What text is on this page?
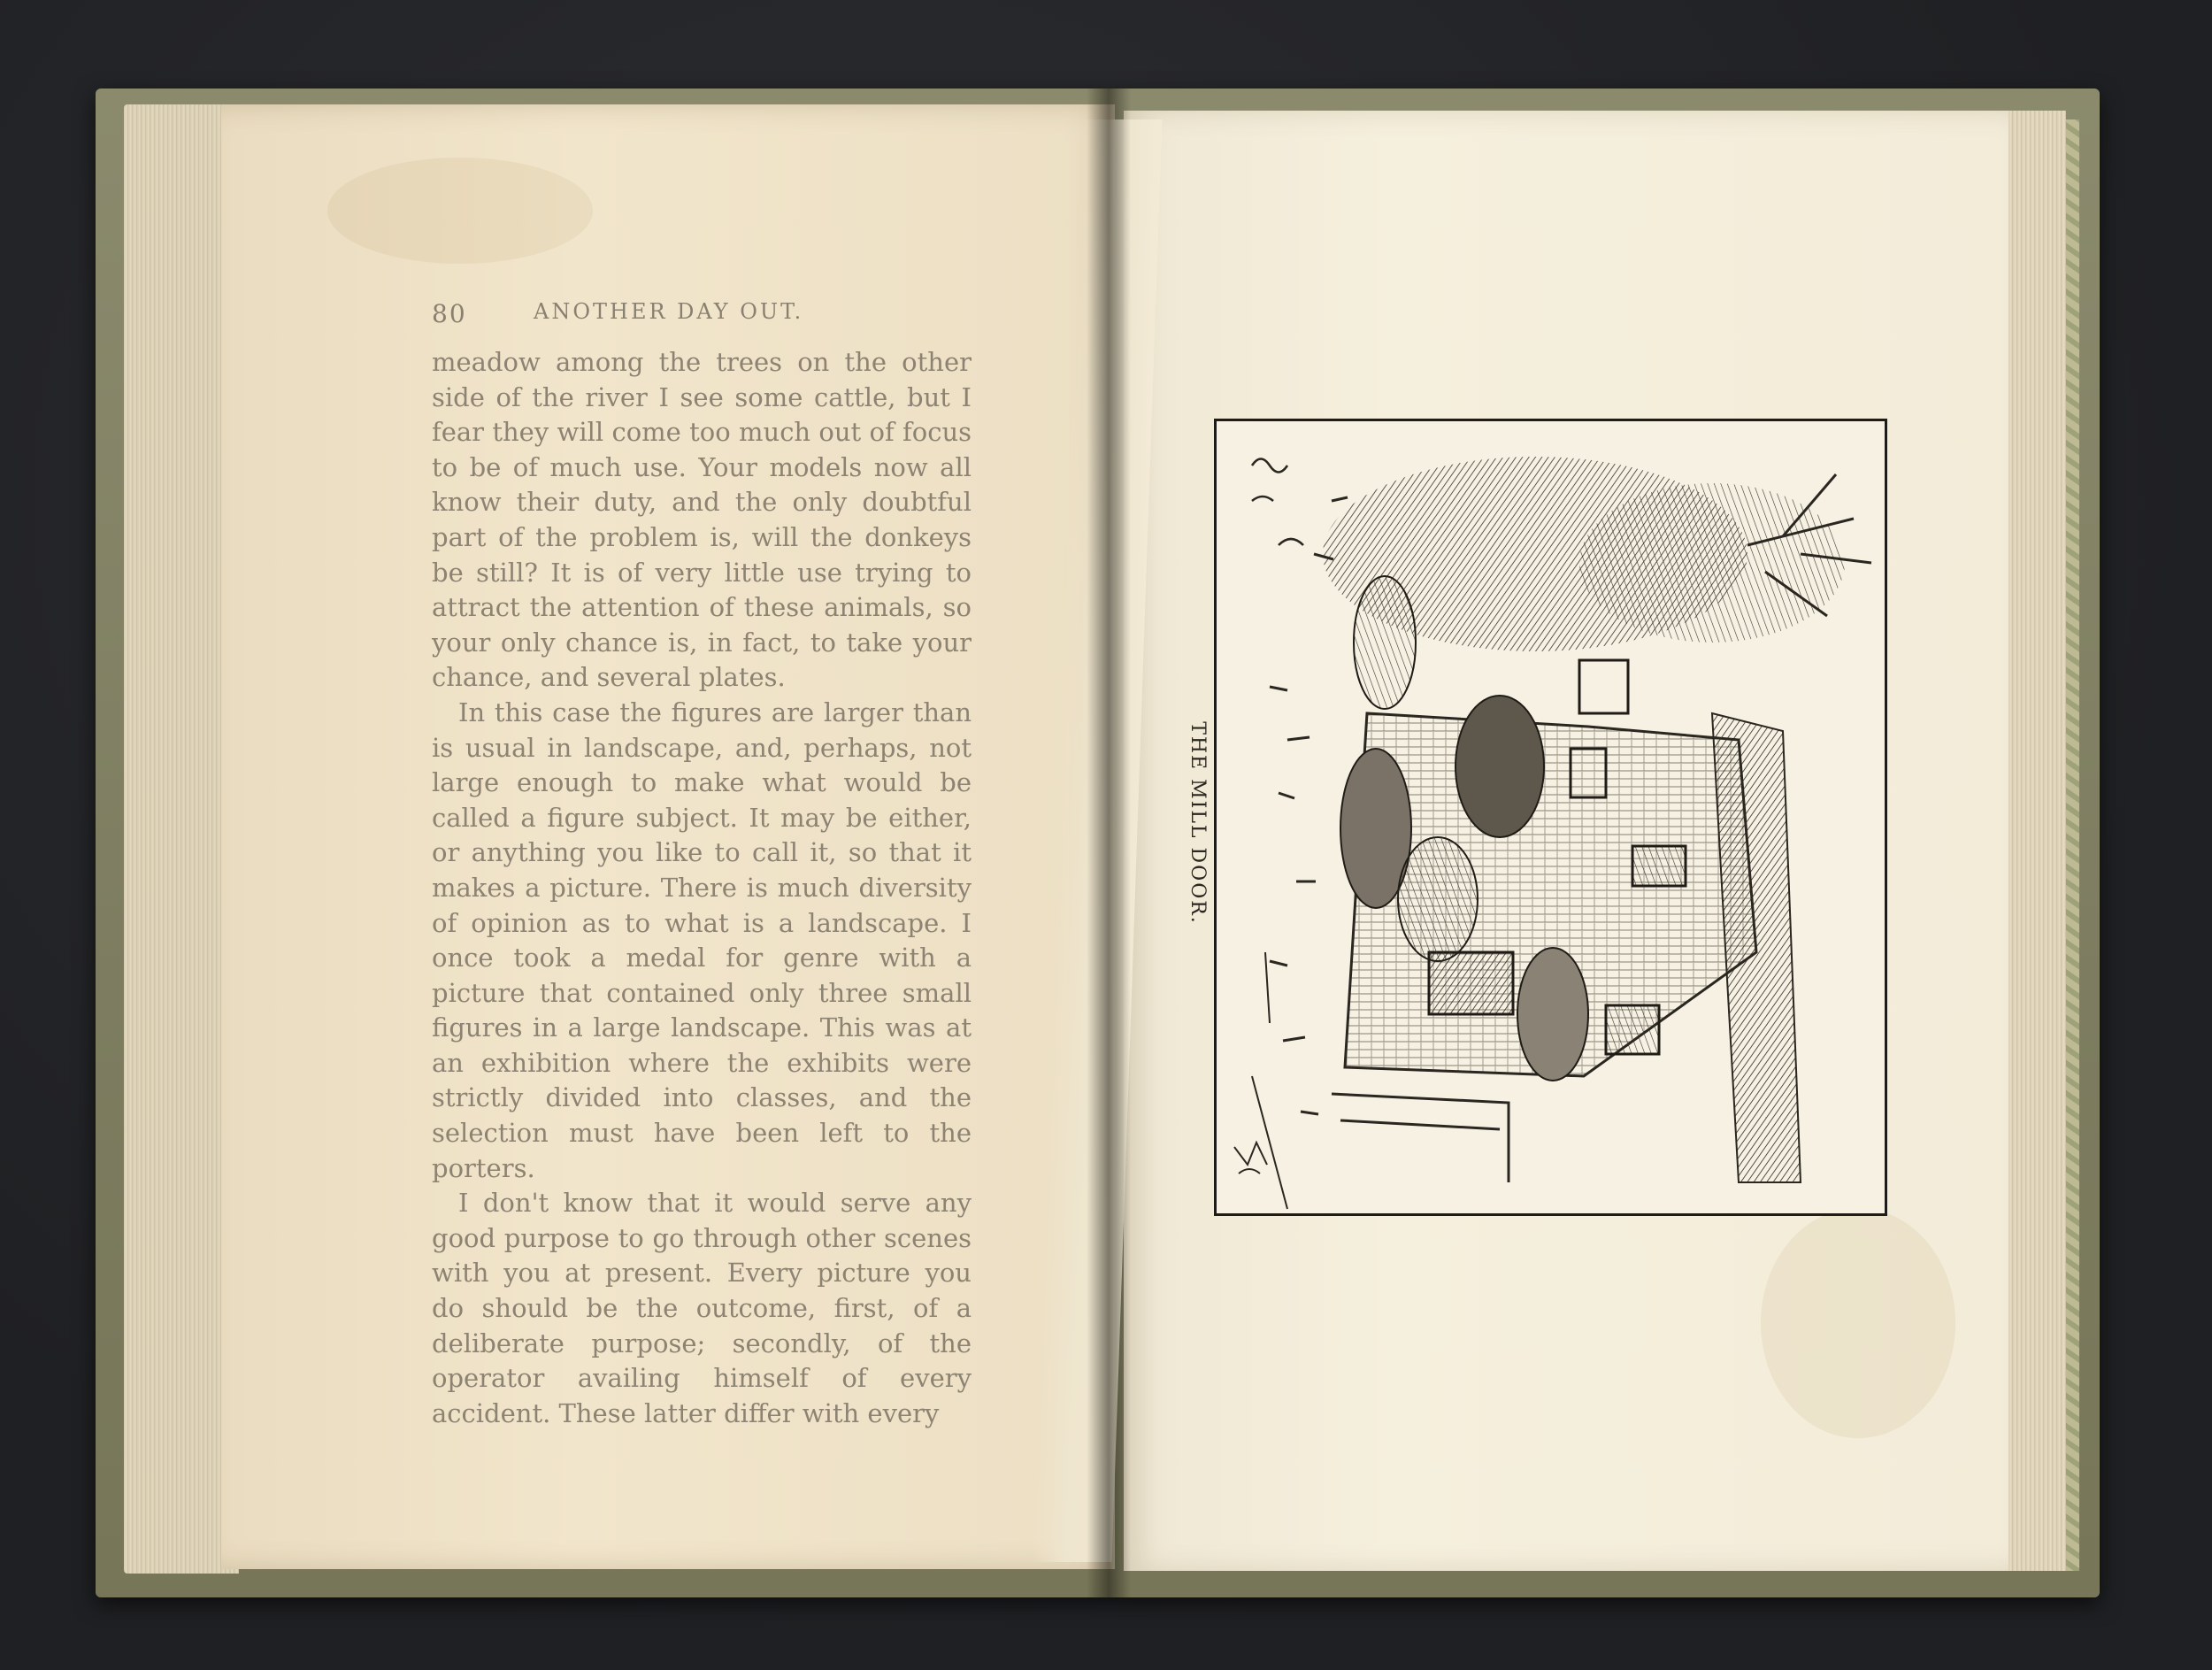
80	ANOTHER DAY OUT.

meadow among the trees on the other side of the river I see some cattle, but I fear they will come too much out of focus to be of much use. Your models now all know their duty, and the only doubtful part of the problem is, will the donkeys be still? It is of very little use trying to attract the attention of these animals, so your only chance is, in fact, to take your chance, and several plates.

In this case the figures are larger than is usual in landscape, and, perhaps, not large enough to make what would be called a figure subject. It may be either, or anything you like to call it, so that it makes a picture. There is much diversity of opinion as to what is a landscape. I once took a medal for genre with a picture that contained only three small figures in a large landscape. This was at an exhibition where the exhibits were strictly divided into classes, and the selection must have been left to the porters.

I don't know that it would serve any good purpose to go through other scenes with you at present. Every picture you do should be the outcome, first, of a deliberate purpose; secondly, of the operator availing himself of every accident. These latter differ with every

THE MILL DOOR.
